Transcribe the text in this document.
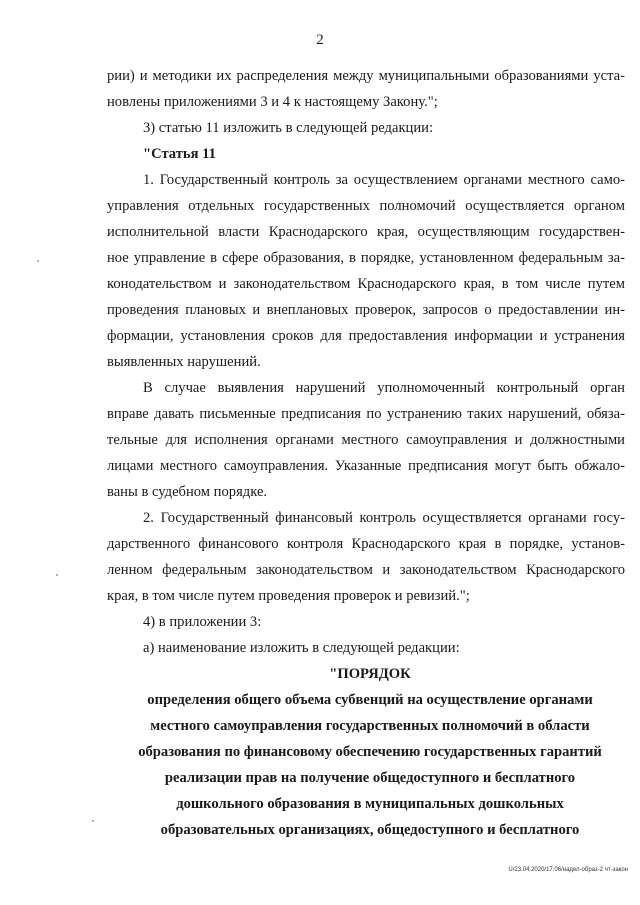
2
рии) и методики их распределения между муниципальными образованиями уста-
новлены приложениями 3 и 4 к настоящему Закону.";
3) статью 11 изложить в следующей редакции:
"Статья 11
1. Государственный контроль за осуществлением органами местного само-
управления отдельных государственных полномочий осуществляется органом
исполнительной власти Краснодарского края, осуществляющим государствен-
ное управление в сфере образования, в порядке, установленном федеральным за-
конодательством и законодательством Краснодарского края, в том числе путем
проведения плановых и внеплановых проверок, запросов о предоставлении ин-
формации, установления сроков для предоставления информации и устранения
выявленных нарушений.
В случае выявления нарушений уполномоченный контрольный орган
вправе давать письменные предписания по устранению таких нарушений, обяза-
тельные для исполнения органами местного самоуправления и должностными
лицами местного самоуправления. Указанные предписания могут быть обжало-
ваны в судебном порядке.
2. Государственный финансовый контроль осуществляется органами госу-
дарственного финансового контроля Краснодарского края в порядке, установ-
ленном федеральным законодательством и законодательством Краснодарского
края, в том числе путем проведения проверок и ревизий.";
4) в приложении 3:
а) наименование изложить в следующей редакции:
"ПОРЯДОК
определения общего объема субвенций на осуществление органами
местного самоуправления государственных полномочий в области
образования по финансовому обеспечению государственных гарантий
реализации прав на получение общедоступного и бесплатного
дошкольного образования в муниципальных дошкольных
образовательных организациях, общедоступного и бесплатного
U/23.04.2020/17.06/надел-образ-2 чт-закон
